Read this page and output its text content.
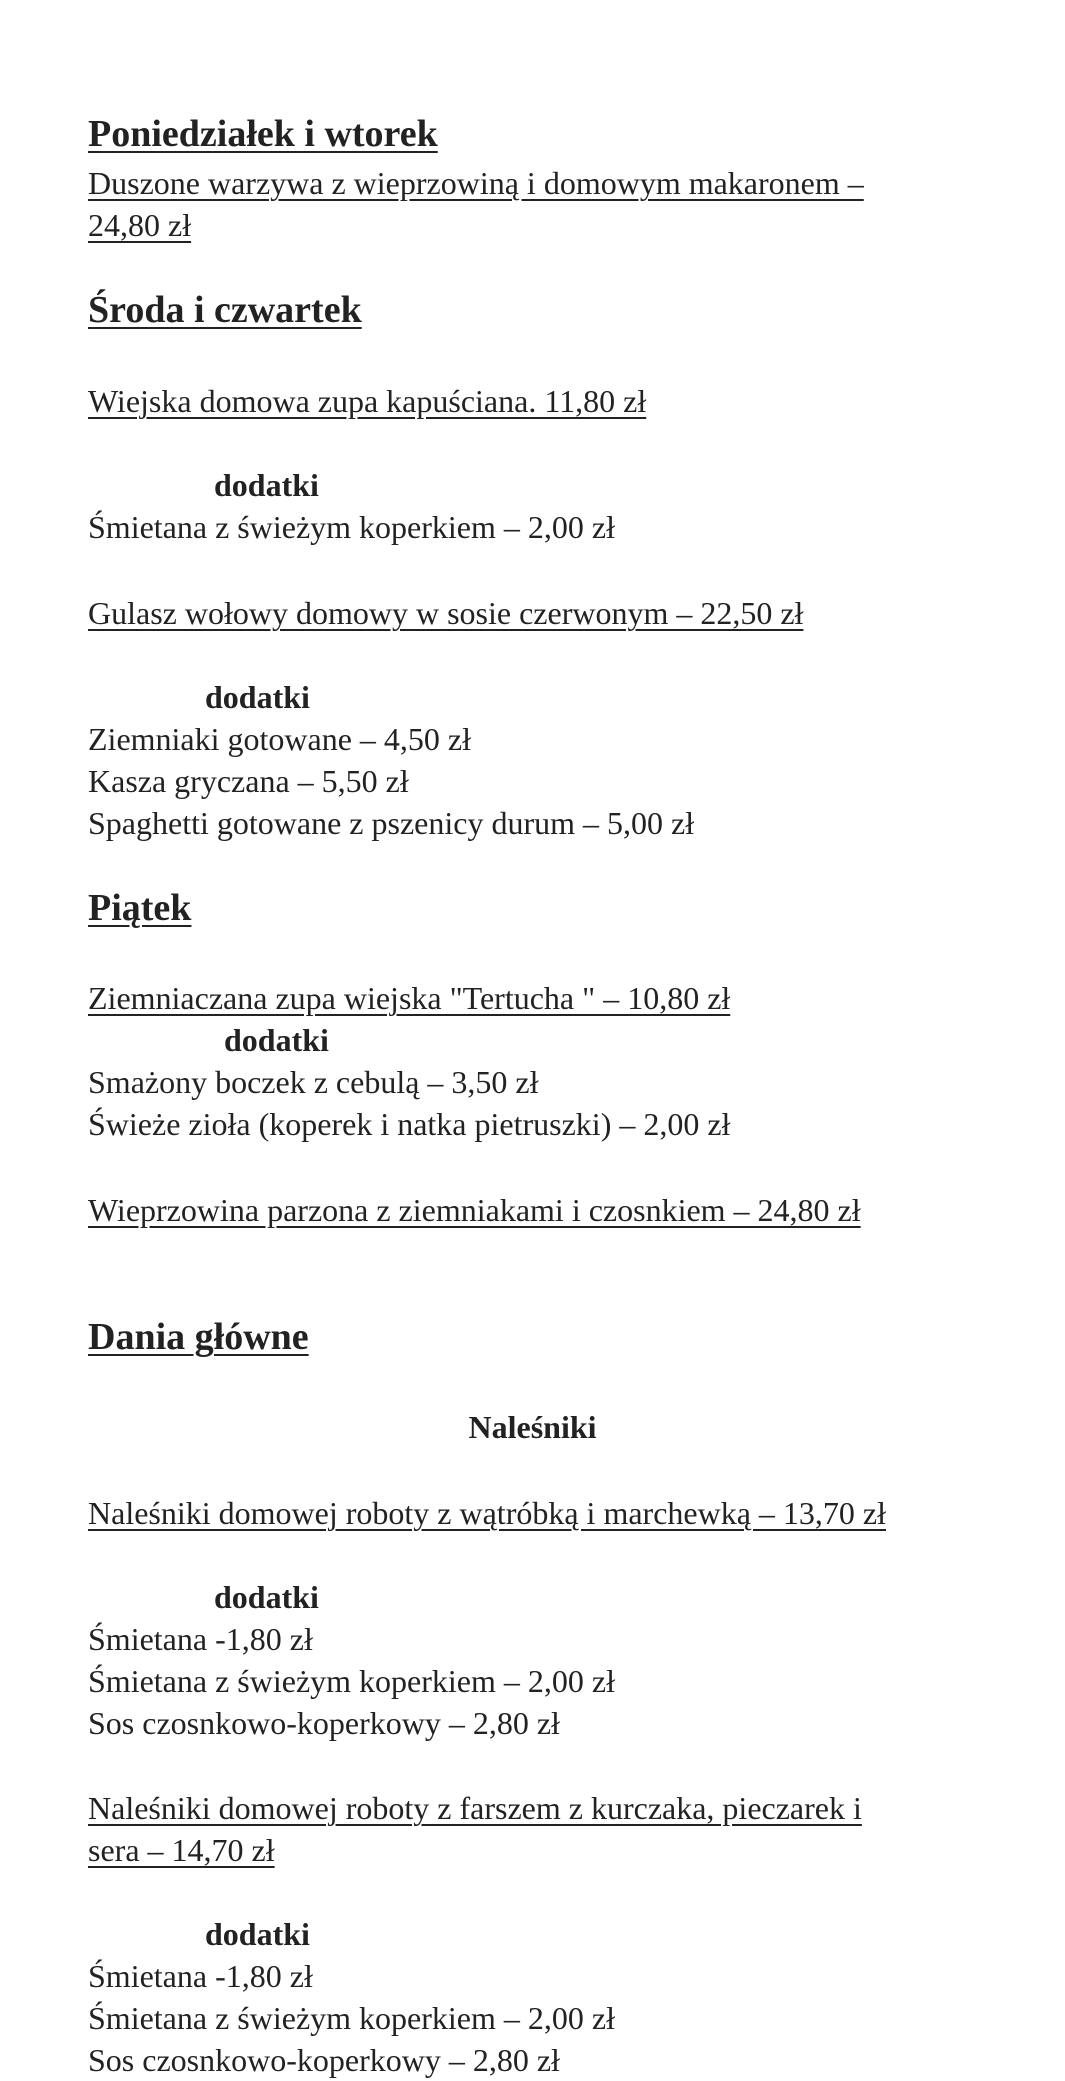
Poniedziałek i wtorek
Duszone warzywa z wieprzowiną i domowym makaronem –
24,80 zł
Środa i czwartek
Wiejska domowa zupa kapuściana. 11,80 zł
dodatki
Śmietana z świeżym koperkiem – 2,00 zł
Gulasz wołowy domowy w sosie czerwonym – 22,50 zł
dodatki
Ziemniaki gotowane – 4,50 zł
Kasza gryczana – 5,50 zł
Spaghetti gotowane z pszenicy durum – 5,00 zł
Piątek
Ziemniaczana zupa wiejska "Tertucha " – 10,80 zł
dodatki
Smażony boczek z cebulą – 3,50 zł
Świeże zioła (koperek i natka pietruszki) – 2,00 zł
Wieprzowina parzona z ziemniakami i czosnkiem – 24,80 zł
Dania główne
Naleśniki
Naleśniki domowej roboty z wątróbką i marchewką – 13,70 zł
dodatki
Śmietana -1,80 zł
Śmietana z świeżym koperkiem – 2,00 zł
Sos czosnkowo-koperkowy – 2,80 zł
Naleśniki domowej roboty z farszem z kurczaka, pieczarek i
sera – 14,70 zł
dodatki
Śmietana -1,80 zł
Śmietana z świeżym koperkiem – 2,00 zł
Sos czosnkowo-koperkowy – 2,80 zł
